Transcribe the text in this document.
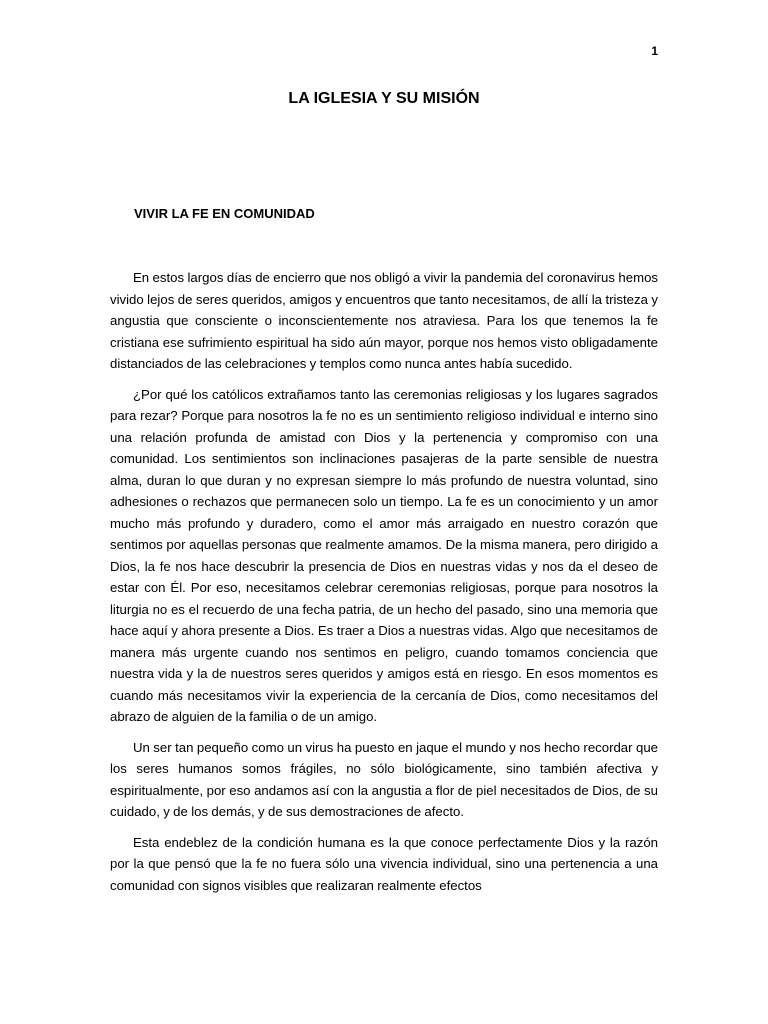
1
LA IGLESIA Y SU MISIÓN
VIVIR LA FE EN COMUNIDAD

En estos largos días de encierro que nos obligó a vivir la pandemia del coronavirus hemos vivido lejos de seres queridos, amigos y encuentros que tanto necesitamos, de allí la tristeza y angustia que consciente o inconscientemente nos atraviesa. Para los que tenemos la fe cristiana ese sufrimiento espiritual ha sido aún mayor, porque nos hemos visto obligadamente distanciados de las celebraciones y templos como nunca antes había sucedido.

¿Por qué los católicos extrañamos tanto las ceremonias religiosas y los lugares sagrados para rezar? Porque para nosotros la fe no es un sentimiento religioso individual e interno sino una relación profunda de amistad con Dios y la pertenencia y compromiso con una comunidad. Los sentimientos son inclinaciones pasajeras de la parte sensible de nuestra alma, duran lo que duran y no expresan siempre lo más profundo de nuestra voluntad, sino adhesiones o rechazos que permanecen solo un tiempo. La fe es un conocimiento y un amor mucho más profundo y duradero, como el amor más arraigado en nuestro corazón que sentimos por aquellas personas que realmente amamos. De la misma manera, pero dirigido a Dios, la fe nos hace descubrir la presencia de Dios en nuestras vidas y nos da el deseo de estar con Él. Por eso, necesitamos celebrar ceremonias religiosas, porque para nosotros la liturgia no es el recuerdo de una fecha patria, de un hecho del pasado, sino una memoria que hace aquí y ahora presente a Dios. Es traer a Dios a nuestras vidas. Algo que necesitamos de manera más urgente cuando nos sentimos en peligro, cuando tomamos conciencia que nuestra vida y la de nuestros seres queridos y amigos está en riesgo. En esos momentos es cuando más necesitamos vivir la experiencia de la cercanía de Dios, como necesitamos del abrazo de alguien de la familia o de un amigo.

Un ser tan pequeño como un virus ha puesto en jaque el mundo y nos hecho recordar que los seres humanos somos frágiles, no sólo biológicamente, sino también afectiva y espiritualmente, por eso andamos así con la angustia a flor de piel necesitados de Dios, de su cuidado, y de los demás, y de sus demostraciones de afecto.

Esta endeblez de la condición humana es la que conoce perfectamente Dios y la razón por la que pensó que la fe no fuera sólo una vivencia individual, sino una pertenencia a una comunidad con signos visibles que realizaran realmente efectos
